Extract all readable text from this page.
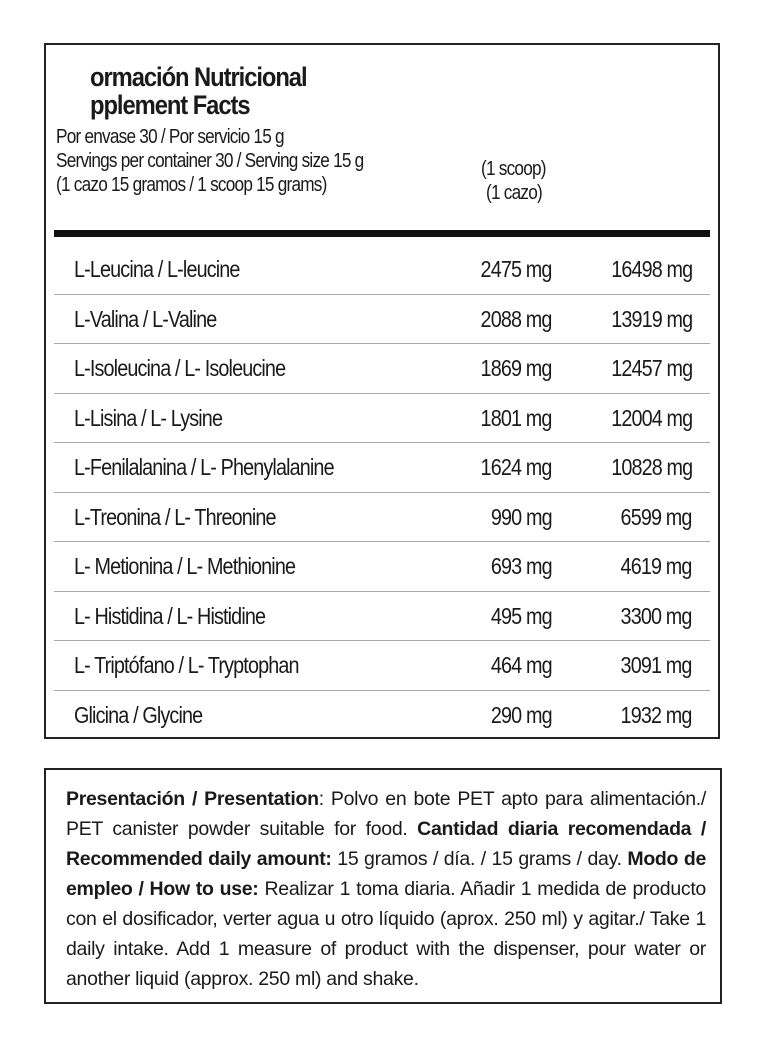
ormación Nutricional
pplement Facts
Por envase 30 / Por servicio 15 g
Servings per container 30 / Serving size 15 g
(1 cazo 15 gramos / 1 scoop 15 grams)
(1 scoop)
(1 cazo)
L-Leucina / L-leucine	2475 mg	16498 mg
L-Valina / L-Valine	2088 mg	13919 mg
L-Isoleucina / L- Isoleucine	1869 mg	12457 mg
L-Lisina / L- Lysine	1801 mg	12004 mg
L-Fenilalanina / L- Phenylalanine	1624 mg	10828 mg
L-Treonina / L- Threonine	990 mg	6599 mg
L- Metionina / L- Methionine	693 mg	4619 mg
L- Histidina / L- Histidine	495 mg	3300 mg
L- Triptófano / L- Tryptophan	464 mg	3091 mg
Glicina / Glycine	290 mg	1932 mg
Presentación / Presentation: Polvo en bote PET apto para alimentación./ PET canister powder suitable for food. Cantidad diaria recomendada / Recommended daily amount: 15 gramos / día. / 15 grams / day. Modo de empleo / How to use: Realizar 1 toma diaria. Añadir 1 medida de producto con el dosificador, verter agua u otro líquido (aprox. 250 ml) y agitar./ Take 1 daily intake. Add 1 measure of product with the dispenser, pour water or another liquid (approx. 250 ml) and shake.
